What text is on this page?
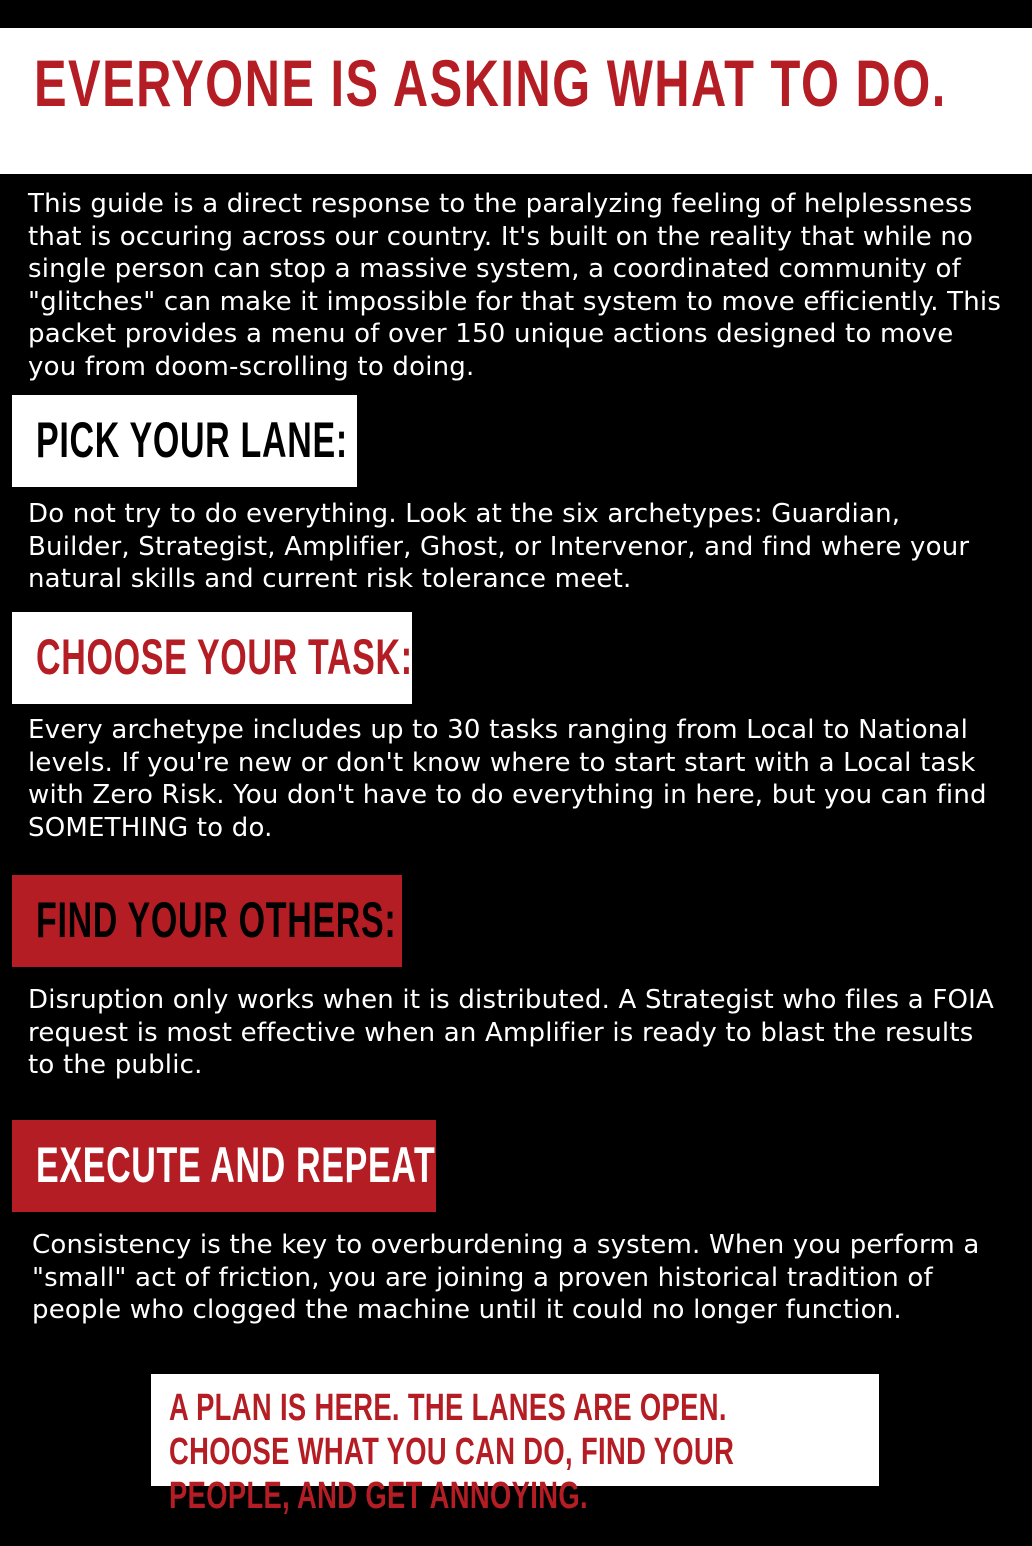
EVERYONE IS ASKING WHAT TO DO.
This guide is a direct response to the paralyzing feeling of helplessness that is occuring across our country. It's built on the reality that while no single person can stop a massive system, a coordinated community of "glitches" can make it impossible for that system to move efficiently. This packet provides a menu of over 150 unique actions designed to move you from doom-scrolling to doing.
PICK YOUR LANE:
Do not try to do everything. Look at the six archetypes: Guardian, Builder, Strategist, Amplifier, Ghost, or Intervenor, and find where your natural skills and current risk tolerance meet.
CHOOSE YOUR TASK:
Every archetype includes up to 30 tasks ranging from Local to National levels. If you're new or don't know where to start start with a Local task with Zero Risk. You don't have to do everything in here, but you can find SOMETHING to do.
FIND YOUR OTHERS:
Disruption only works when it is distributed. A Strategist who files a FOIA request is most effective when an Amplifier is ready to blast the results to the public.
EXECUTE AND REPEAT
Consistency is the key to overburdening a system. When you perform a "small" act of friction, you are joining a proven historical tradition of people who clogged the machine until it could no longer function.
A PLAN IS HERE. THE LANES ARE OPEN. CHOOSE WHAT YOU CAN DO, FIND YOUR PEOPLE, AND GET ANNOYING.
